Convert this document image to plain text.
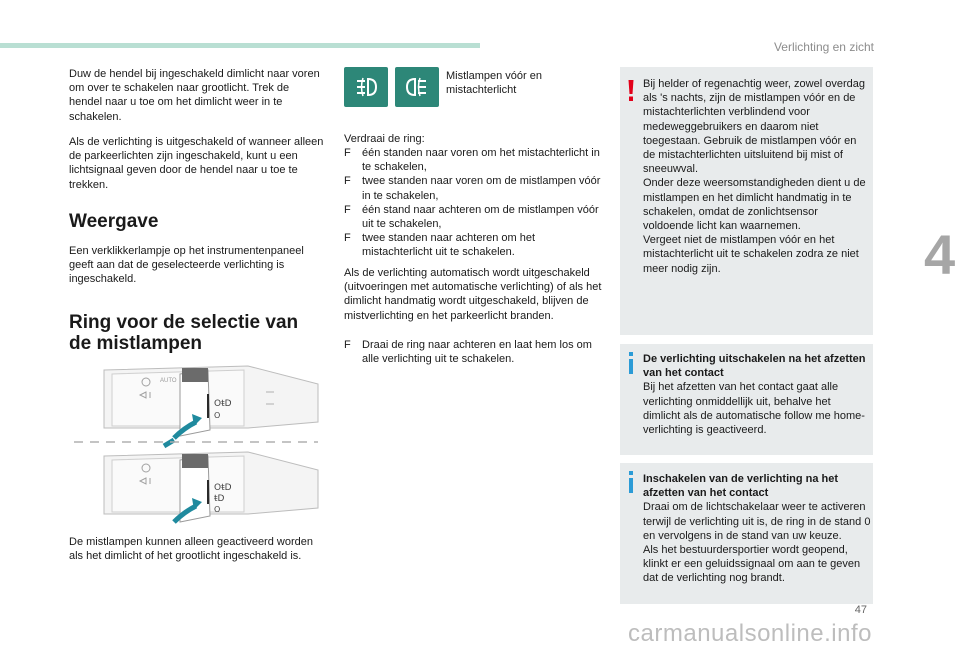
Verlichting en zicht
4
47
carmanualsonline.info
Duw de hendel bij ingeschakeld dimlicht naar voren om over te schakelen naar grootlicht. Trek de hendel naar u toe om het dimlicht weer in te schakelen.
Als de verlichting is uitgeschakeld of wanneer alleen de parkeerlichten zijn ingeschakeld, kunt u een lichtsignaal geven door de hendel naar u toe te trekken.
Weergave
Een verklikkerlampje op het instrumentenpaneel geeft aan dat de geselecteerde verlichting is ingeschakeld.
Ring voor de selectie van de mistlampen
AUTO
OŧD
O
OŧD
ŧD
O
De mistlampen kunnen alleen geactiveerd worden als het dimlicht of het grootlicht ingeschakeld is.
Mistlampen vóór en mistachterlicht
Verdraai de ring:
F één standen naar voren om het mistachterlicht in te schakelen,
F twee standen naar voren om de mistlampen vóór in te schakelen,
F één stand naar achteren om de mistlampen vóór uit te schakelen,
F twee standen naar achteren om het mistachterlicht uit te schakelen.
Als de verlichting automatisch wordt uitgeschakeld (uitvoeringen met automatische verlichting) of als het dimlicht handmatig wordt uitgeschakeld, blijven de mistverlichting en het parkeerlicht branden.
F Draai de ring naar achteren en laat hem los om alle verlichting uit te schakelen.
Bij helder of regenachtig weer, zowel overdag als 's nachts, zijn de mistlampen vóór en de mistachterlichten verblindend voor medeweggebruikers en daarom niet toegestaan. Gebruik de mistlampen vóór en de mistachterlichten uitsluitend bij mist of sneeuwval.
Onder deze weersomstandigheden dient u de mistlampen en het dimlicht handmatig in te schakelen, omdat de zonlichtsensor voldoende licht kan waarnemen.
Vergeet niet de mistlampen vóór en het mistachterlicht uit te schakelen zodra ze niet meer nodig zijn.
De verlichting uitschakelen na het afzetten van het contact
Bij het afzetten van het contact gaat alle verlichting onmiddellijk uit, behalve het dimlicht als de automatische follow me home-verlichting is geactiveerd.
Inschakelen van de verlichting na het afzetten van het contact
Draai om de lichtschakelaar weer te activeren terwijl de verlichting uit is, de ring in de stand 0 en vervolgens in de stand van uw keuze.
Als het bestuurdersportier wordt geopend, klinkt er een geluidssignaal om aan te geven dat de verlichting nog brandt.
